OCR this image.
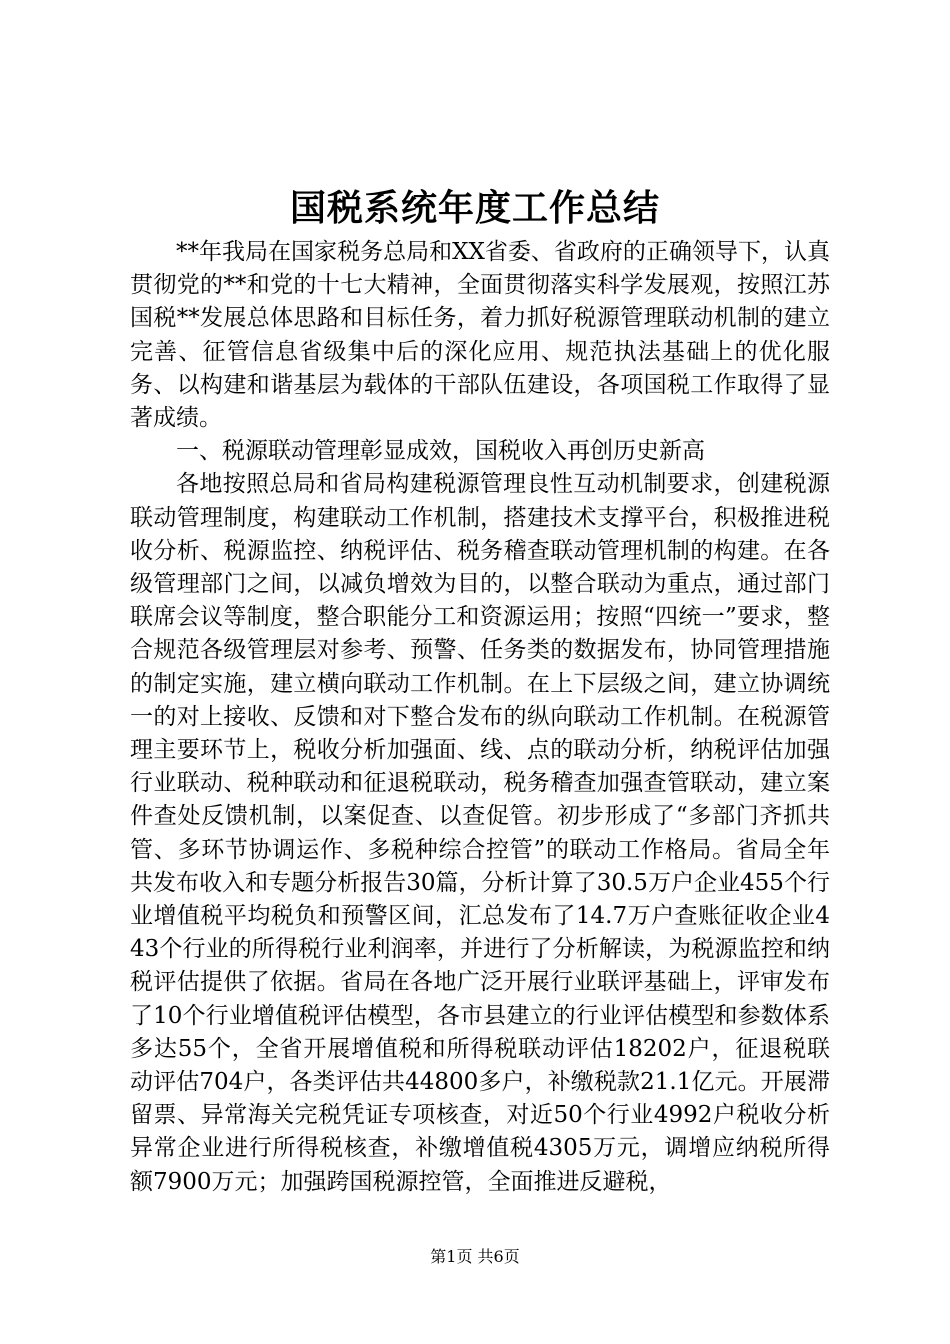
国税系统年度工作总结

**年我局在国家税务总局和XX省委、省政府的正确领导下，认真贯彻党的**和党的十七大精神，全面贯彻落实科学发展观，按照江苏国税**发展总体思路和目标任务，着力抓好税源管理联动机制的建立完善、征管信息省级集中后的深化应用、规范执法基础上的优化服务、以构建和谐基层为载体的干部队伍建设，各项国税工作取得了显著成绩。

一、税源联动管理彰显成效，国税收入再创历史新高

各地按照总局和省局构建税源管理良性互动机制要求，创建税源联动管理制度，构建联动工作机制，搭建技术支撑平台，积极推进税收分析、税源监控、纳税评估、税务稽查联动管理机制的构建。在各级管理部门之间，以减负增效为目的，以整合联动为重点，通过部门联席会议等制度，整合职能分工和资源运用；按照“四统一”要求，整合规范各级管理层对参考、预警、任务类的数据发布，协同管理措施的制定实施，建立横向联动工作机制。在上下层级之间，建立协调统一的对上接收、反馈和对下整合发布的纵向联动工作机制。在税源管理主要环节上，税收分析加强面、线、点的联动分析，纳税评估加强行业联动、税种联动和征退税联动，税务稽查加强查管联动，建立案件查处反馈机制，以案促查、以查促管。初步形成了“多部门齐抓共管、多环节协调运作、多税种综合控管”的联动工作格局。省局全年共发布收入和专题分析报告30篇，分析计算了30.5万户企业455个行业增值税平均税负和预警区间，汇总发布了14.7万户查账征收企业443个行业的所得税行业利润率，并进行了分析解读，为税源监控和纳税评估提供了依据。省局在各地广泛开展行业联评基础上，评审发布了10个行业增值税评估模型，各市县建立的行业评估模型和参数体系多达55个，全省开展增值税和所得税联动评估18202户，征退税联动评估704户，各类评估共44800多户，补缴税款21.1亿元。开展滞留票、异常海关完税凭证专项核查，对近50个行业4992户税收分析异常企业进行所得税核查，补缴增值税4305万元，调增应纳税所得额7900万元；加强跨国税源控管，全面推进反避税，

第1页 共6页
